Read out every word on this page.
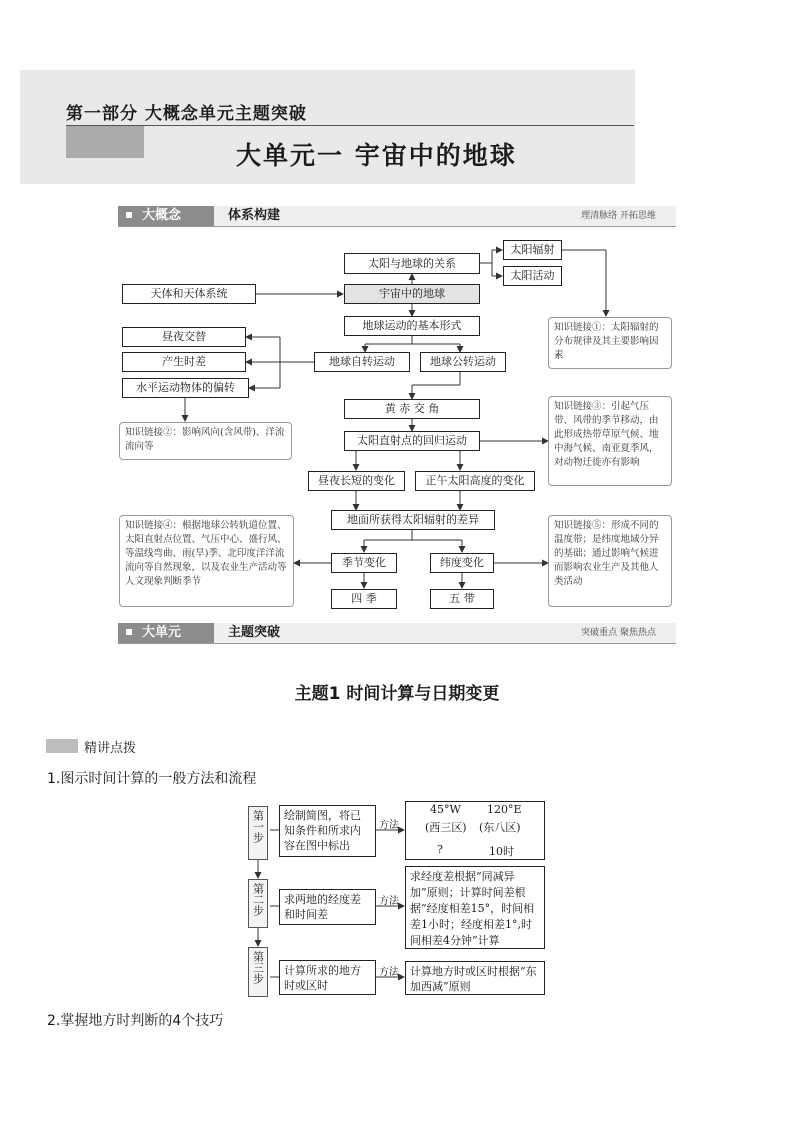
第一部分 大概念单元主题突破
大单元一 宇宙中的地球
大概念	体系构建	理清脉络 开拓思维
太阳与地球的关系
太阳辐射
太阳活动
天体和天体系统	宇宙中的地球
地球运动的基本形式
地球自转运动	地球公转运动
昼夜交替
产生时差
水平运动物体的偏转
黄 赤 交 角
太阳直射点的回归运动
昼夜长短的变化	正午太阳高度的变化
地面所获得太阳辐射的差异
季节变化	纬度变化
四 季	五 带
知识链接①：太阳辐射的分布规律及其主要影响因素
知识链接②：影响风向(含风带)、洋流流向等
知识链接③：引起气压带、风带的季节移动，由此形成热带草原气候、地中海气候、南亚夏季风，对动物迁徙亦有影响
知识链接④：根据地球公转轨道位置、太阳直射点位置、气压中心、盛行风、等温线弯曲、雨(旱)季、北印度洋洋流流向等自然现象，以及农业生产活动等人文现象判断季节
知识链接⑤：形成不同的温度带；是纬度地域分异的基础；通过影响气候进而影响农业生产及其他人类活动
大单元	主题突破	突破重点 聚焦热点
主题1 时间计算与日期变更
精讲点拨
1.图示时间计算的一般方法和流程
第一步
第二步
第三步
绘制简图，将已知条件和所求内容在图中标出
求两地的经度差和时间差
计算所求的地方时或区时
方法
方法
方法
45°W 120°E
(西三区) (东八区)
?	10时
求经度差根据“同减异加”原则；计算时间差根据“经度相差15°，时间相差1小时；经度相差1°,时间相差4分钟”计算
计算地方时或区时根据“东加西减”原则
2.掌握地方时判断的4个技巧
